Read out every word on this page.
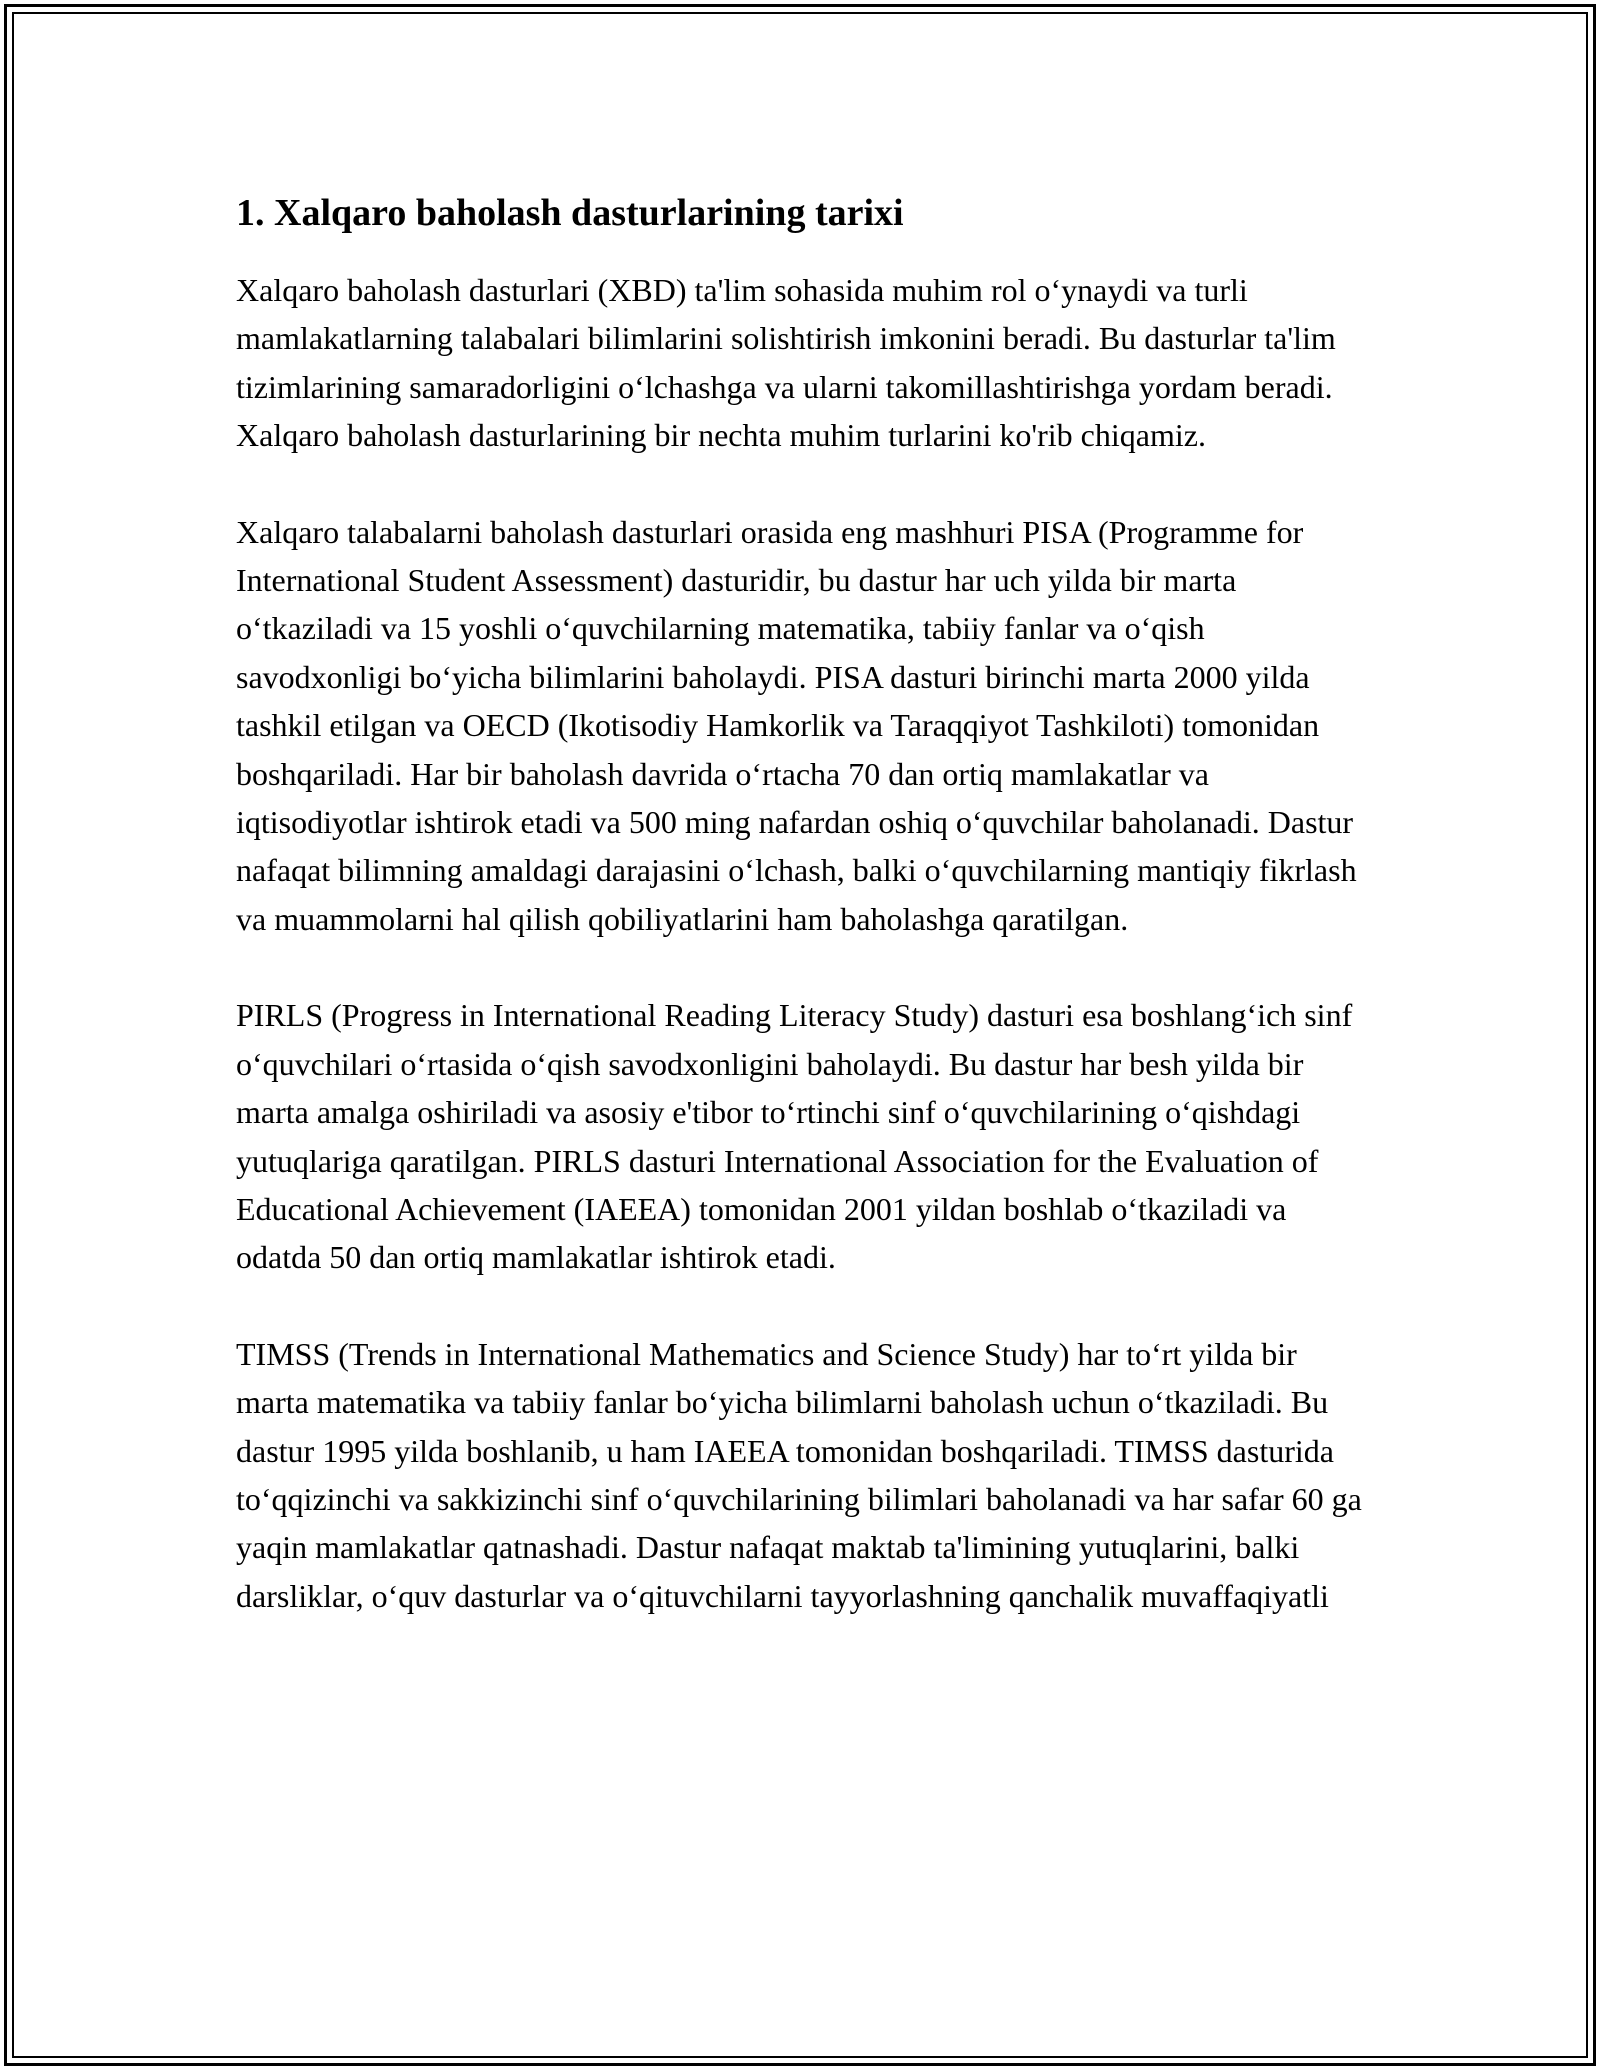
1. Xalqaro baholash dasturlarining tarixi

Xalqaro baholash dasturlari (XBD) ta'lim sohasida muhim rol oʻynaydi va turli mamlakatlarning talabalari bilimlarini solishtirish imkonini beradi. Bu dasturlar ta'lim tizimlarining samaradorligini oʻlchashga va ularni takomillashtirishga yordam beradi. Xalqaro baholash dasturlarining bir nechta muhim turlarini ko'rib chiqamiz.

Xalqaro talabalarni baholash dasturlari orasida eng mashhuri PISA (Programme for International Student Assessment) dasturidir, bu dastur har uch yilda bir marta oʻtkaziladi va 15 yoshli oʻquvchilarning matematika, tabiiy fanlar va oʻqish savodxonligi boʻyicha bilimlarini baholaydi. PISA dasturi birinchi marta 2000 yilda tashkil etilgan va OECD (Ikotisodiy Hamkorlik va Taraqqiyot Tashkiloti) tomonidan boshqariladi. Har bir baholash davrida oʻrtacha 70 dan ortiq mamlakatlar va iqtisodiyotlar ishtirok etadi va 500 ming nafardan oshiq oʻquvchilar baholanadi. Dastur nafaqat bilimning amaldagi darajasini oʻlchash, balki oʻquvchilarning mantiqiy fikrlash va muammolarni hal qilish qobiliyatlarini ham baholashga qaratilgan.

PIRLS (Progress in International Reading Literacy Study) dasturi esa boshlangʻich sinf oʻquvchilari oʻrtasida oʻqish savodxonligini baholaydi. Bu dastur har besh yilda bir marta amalga oshiriladi va asosiy e'tibor toʻrtinchi sinf oʻquvchilarining oʻqishdagi yutuqlariga qaratilgan. PIRLS dasturi International Association for the Evaluation of Educational Achievement (IAEEA) tomonidan 2001 yildan boshlab oʻtkaziladi va odatda 50 dan ortiq mamlakatlar ishtirok etadi.

TIMSS (Trends in International Mathematics and Science Study) har toʻrt yilda bir marta matematika va tabiiy fanlar boʻyicha bilimlarni baholash uchun oʻtkaziladi. Bu dastur 1995 yilda boshlanib, u ham IAEEA tomonidan boshqariladi. TIMSS dasturida toʻqqizinchi va sakkizinchi sinf oʻquvchilarining bilimlari baholanadi va har safar 60 ga yaqin mamlakatlar qatnashadi. Dastur nafaqat maktab ta'limining yutuqlarini, balki darsliklar, oʻquv dasturlar va oʻqituvchilarni tayyorlashning qanchalik muvaffaqiyatli
